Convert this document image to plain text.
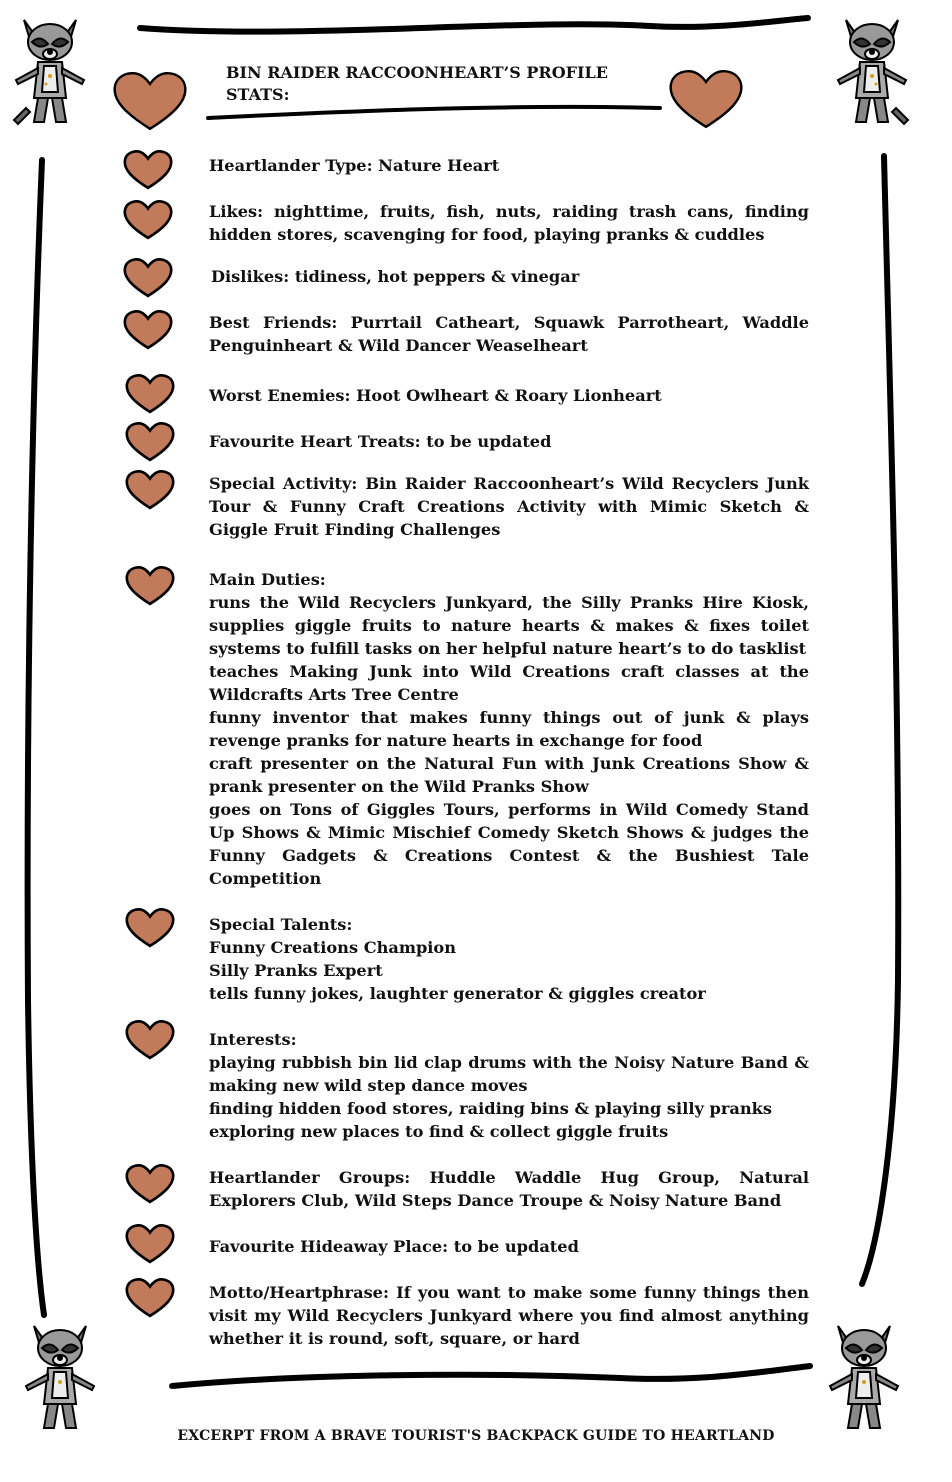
BIN RAIDER RACCOONHEART’S PROFILE STATS:
Heartlander Type: Nature Heart
Likes: nighttime, fruits, fish, nuts, raiding trash cans, finding hidden stores, scavenging for food, playing pranks & cuddles
Dislikes: tidiness, hot peppers & vinegar
Best Friends: Purrtail Catheart, Squawk Parrotheart, Waddle Penguinheart & Wild Dancer Weaselheart
Worst Enemies: Hoot Owlheart & Roary Lionheart
Favourite Heart Treats: to be updated
Special Activity: Bin Raider Raccoonheart’s Wild Recyclers Junk Tour & Funny Craft Creations Activity with Mimic Sketch & Giggle Fruit Finding Challenges
Main Duties:
runs the Wild Recyclers Junkyard, the Silly Pranks Hire Kiosk, supplies giggle fruits to nature hearts & makes & fixes toilet systems to fulfill tasks on her helpful nature heart’s to do tasklist
teaches Making Junk into Wild Creations craft classes at the Wildcrafts Arts Tree Centre
funny inventor that makes funny things out of junk & plays revenge pranks for nature hearts in exchange for food
craft presenter on the Natural Fun with Junk Creations Show & prank presenter on the Wild Pranks Show
goes on Tons of Giggles Tours, performs in Wild Comedy Stand Up Shows & Mimic Mischief Comedy Sketch Shows & judges the Funny Gadgets & Creations Contest & the Bushiest Tale Competition
Special Talents:
Funny Creations Champion
Silly Pranks Expert
tells funny jokes, laughter generator & giggles creator
Interests:
playing rubbish bin lid clap drums with the Noisy Nature Band & making new wild step dance moves
finding hidden food stores, raiding bins & playing silly pranks
exploring new places to find & collect giggle fruits
Heartlander Groups: Huddle Waddle Hug Group, Natural Explorers Club, Wild Steps Dance Troupe & Noisy Nature Band
Favourite Hideaway Place: to be updated
Motto/Heartphrase: If you want to make some funny things then visit my Wild Recyclers Junkyard where you find almost anything whether it is round, soft, square, or hard
EXCERPT FROM A BRAVE TOURIST'S BACKPACK GUIDE TO HEARTLAND
